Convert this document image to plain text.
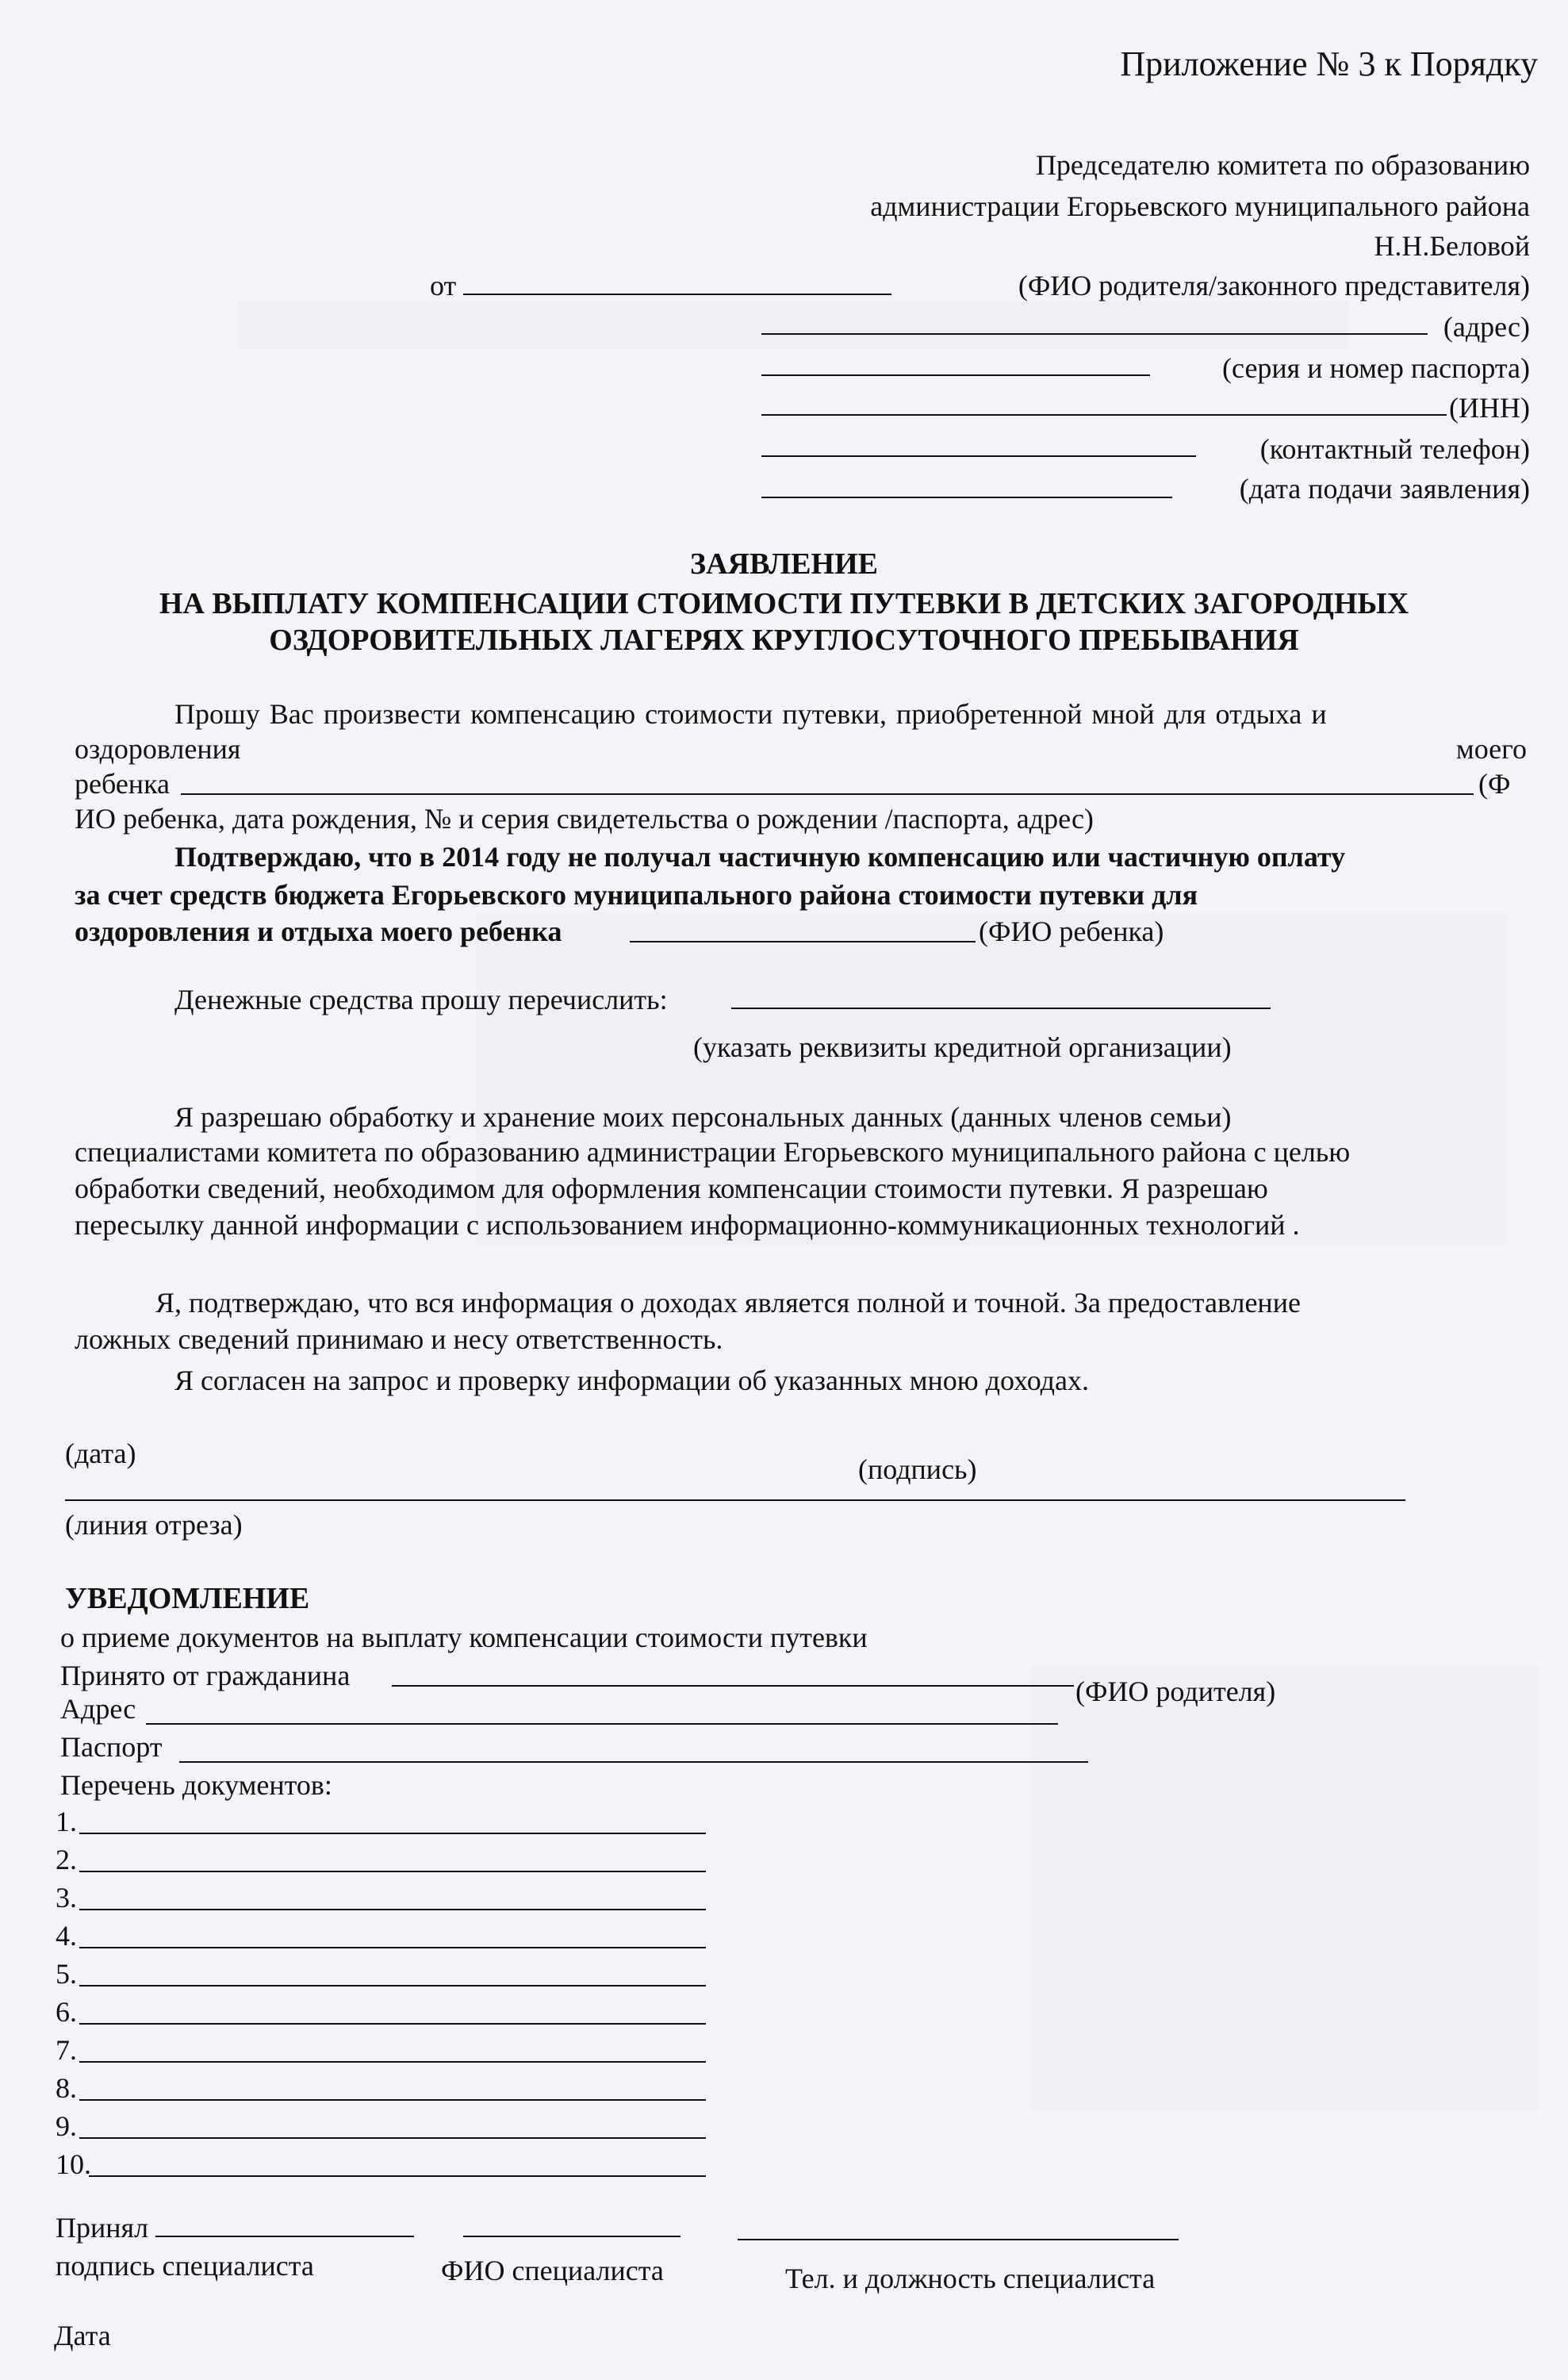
Приложение № 3 к Порядку
Председателю комитета по образованию
администрации Егорьевского муниципального района
Н.Н.Беловой
от	(ФИО родителя/законного представителя)
(адрес)
(серия и номер паспорта)
(ИНН)
(контактный телефон)
(дата подачи заявления)
ЗАЯВЛЕНИЕ
НА ВЫПЛАТУ КОМПЕНСАЦИИ СТОИМОСТИ ПУТЕВКИ В ДЕТСКИХ ЗАГОРОДНЫХ
ОЗДОРОВИТЕЛЬНЫХ ЛАГЕРЯХ КРУГЛОСУТОЧНОГО ПРЕБЫВАНИЯ
Прошу Вас произвести компенсацию стоимости путевки, приобретенной мной для отдыха и
оздоровления	моего
ребенка	(Ф
ИО ребенка, дата рождения, № и серия свидетельства о рождении /паспорта, адрес)
Подтверждаю, что в 2014 году не получал частичную компенсацию или частичную оплату
за счет средств бюджета Егорьевского муниципального района стоимости путевки для
оздоровления и отдыха моего ребенка	(ФИО ребенка)
Денежные средства прошу перечислить:
(указать реквизиты кредитной организации)
Я разрешаю обработку и хранение моих персональных данных (данных членов семьи)
специалистами комитета по образованию администрации Егорьевского муниципального района с целью
обработки сведений, необходимом для оформления компенсации стоимости путевки. Я разрешаю
пересылку данной информации с использованием информационно-коммуникационных технологий .
Я, подтверждаю, что вся информация о доходах является полной и точной. За предоставление
ложных сведений принимаю и несу ответственность.
Я согласен на запрос и проверку информации об указанных мною доходах.
(дата)	(подпись)
(линия отреза)
УВЕДОМЛЕНИЕ
о приеме документов на выплату компенсации стоимости путевки
Принято от гражданина	(ФИО родителя)
Адрес
Паспорт
Перечень документов:
1.
2.
3.
4.
5.
6.
7.
8.
9.
10.
Принял
подпись специалиста	ФИО специалиста	Тел. и должность специалиста
Дата
